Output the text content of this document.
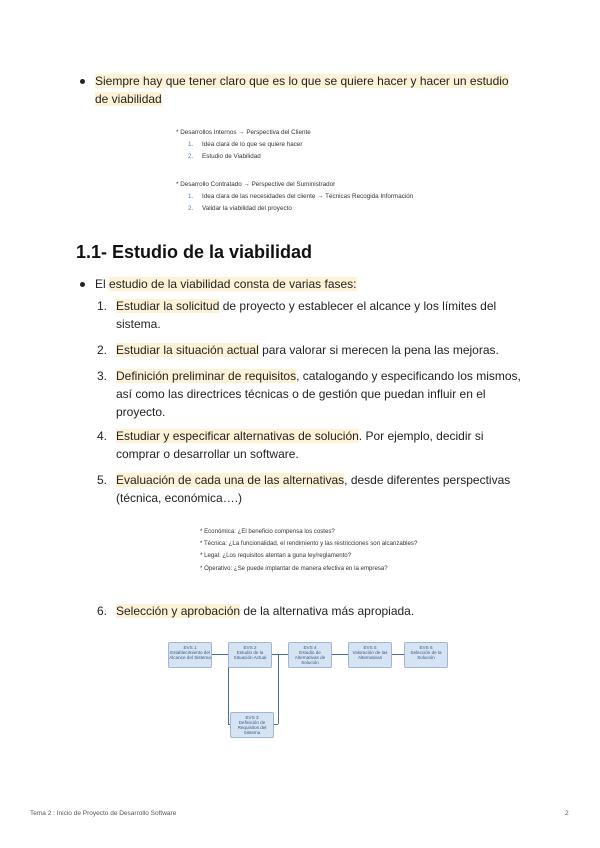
Siempre hay que tener claro que es lo que se quiere hacer y hacer un estudio
de viabilidad
* Desarrollos Internos → Perspectiva del Cliente
1. Idea clara de lo que se quiere hacer
2. Estudio de Viabilidad
* Desarrollo Contratado → Perspective del Suministrador
1. Idea clara de las necesidades del cliente → Técnicas Recogida Información
2. Validar la viabilidad del proyecto
1.1- Estudio de la viabilidad
El estudio de la viabilidad consta de varias fases:
1. Estudiar la solicitud de proyecto y establecer el alcance y los límites del
sistema.
2. Estudiar la situación actual para valorar si merecen la pena las mejoras.
3. Definición preliminar de requisitos, catalogando y especificando los mismos,
así como las directrices técnicas o de gestión que puedan influir en el
proyecto.
4. Estudiar y especificar alternativas de solución. Por ejemplo, decidir si
comprar o desarrollar un software.
5. Evaluación de cada una de las alternativas, desde diferentes perspectivas
(técnica, económica….)
* Económica: ¿El beneficio compensa los costes?
* Técnica: ¿La funcionalidad, el rendimiento y las restricciones son alcanzables?
* Legal: ¿Los requisitos atentan a guna ley/reglamento?
* Operativo: ¿Se puede implantar de manera efectiva en la empresa?
6. Selección y aprobación de la alternativa más apropiada.
EVS 1
Establecimiento del Alcance del Sistema
EVS 2
Estudio de la Situación Actual
EVS 4
Estudio de Alternativas de Solución
EVS 5
Valoración de las Alternativas
EVS 6
Selección de la Solución
EVS 3
Definición de Requisitos del Sistema
Tema 2 : Inicio de Proyecto de Desarrollo Software	2
